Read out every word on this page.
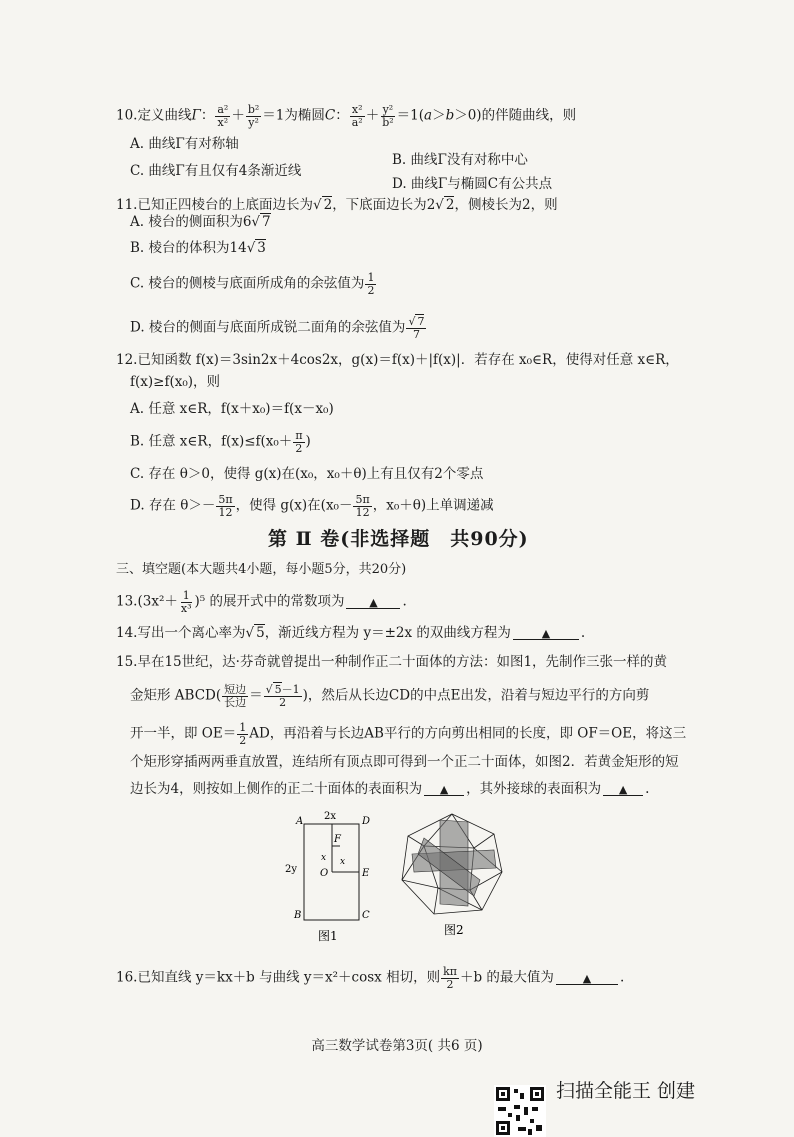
10.定义曲线Γ： $\frac{\text{a²}}{\text{x²}} + \frac{\text{b²}}{\text{y²}} =1$为椭圆C： $\frac{\text{x²}}{\text{a²}} + \frac{\text{y²}}{\text{b²}} =1(a>b>0)$的伴随曲线，则
A. 曲线Γ有对称轴
B. 曲线Γ没有对称中心
C. 曲线Γ有且仅有4条渐近线
D. 曲线Γ与椭圆C有公共点
11.已知正四棱台的上底面边长为√ 2，下底面边长为2√ 2，侧棱长为2，则
A. 棱台的侧面积为6√ 7
B. 棱台的体积为14√ 3
C. 棱台的侧棱与底面所成角的余弦值为 $\frac{1}{2}$
D. 棱台的侧面与底面所成锐二面角的余弦值为 $\frac{√ 7}{7}$
12.已知函数 f(x)＝3sin2x＋4cos2x，g(x)＝f(x)＋|f(x)|．若存在 x₀∈R，使得对任意 x∈R，
f(x)≥f(x₀)，则
A. 任意 x∈R，f(x＋x₀)＝f(x－x₀)
B. 任意 x∈R，$f(x)\le f(x_0+ \frac{\pi}{2}$ )
C. 存在 θ＞0，使得 g(x)在(x₀，x₀＋θ)上有且仅有2个零点
D. 存在 $\theta>- \frac{5\pi}{12}$ ，使得 g(x)在($x_0- \frac{5\pi}{12}$ ，x₀＋θ)上单调递减
第 Ⅱ 卷(非选择题　共90分)
三、填空题(本大题共4小题，每小题5分，共20分)
$13.(3x^2+ \frac{1}{\text{x³}} )^5$ 的展开式中的常数项为 ▲ .
14.写出一个离心率为√ 5，渐近线方程为 y＝±2x 的双曲线方程为	▲ .
15.早在15世纪，达·芬奇就曾提出一种制作正二十面体的方法：如图1，先制作三张一样的黄
金矩形 ABCD( $\frac{\text{短边}}{\text{长边}} = \frac{√ 5-1}{2}$ )，然后从长边CD的中点E出发，沿着与短边平行的方向剪
开一半，即 $OE= \frac{1}{2}$ AD，再沿着与长边AB平行的方向剪出相同的长度，即 OF＝OE，将这三
个矩形穿插两两垂直放置，连结所有顶点即可得到一个正二十面体，如图2．若黄金矩形的短
边长为4，则按如上侧作的正二十面体的表面积为 ▲ ，其外接球的表面积为 ▲ .
A	D
B	C
E
F
O
2x
2y
x x
图1	图2
16.已知直线 y＝kx＋b 与曲线 y＝x²＋cosx 相切，则 $\frac{k\pi}{2} +b$ 的最大值为	▲ .
高三数学试卷第3页( 共6 页)
扫描全能王 创建
